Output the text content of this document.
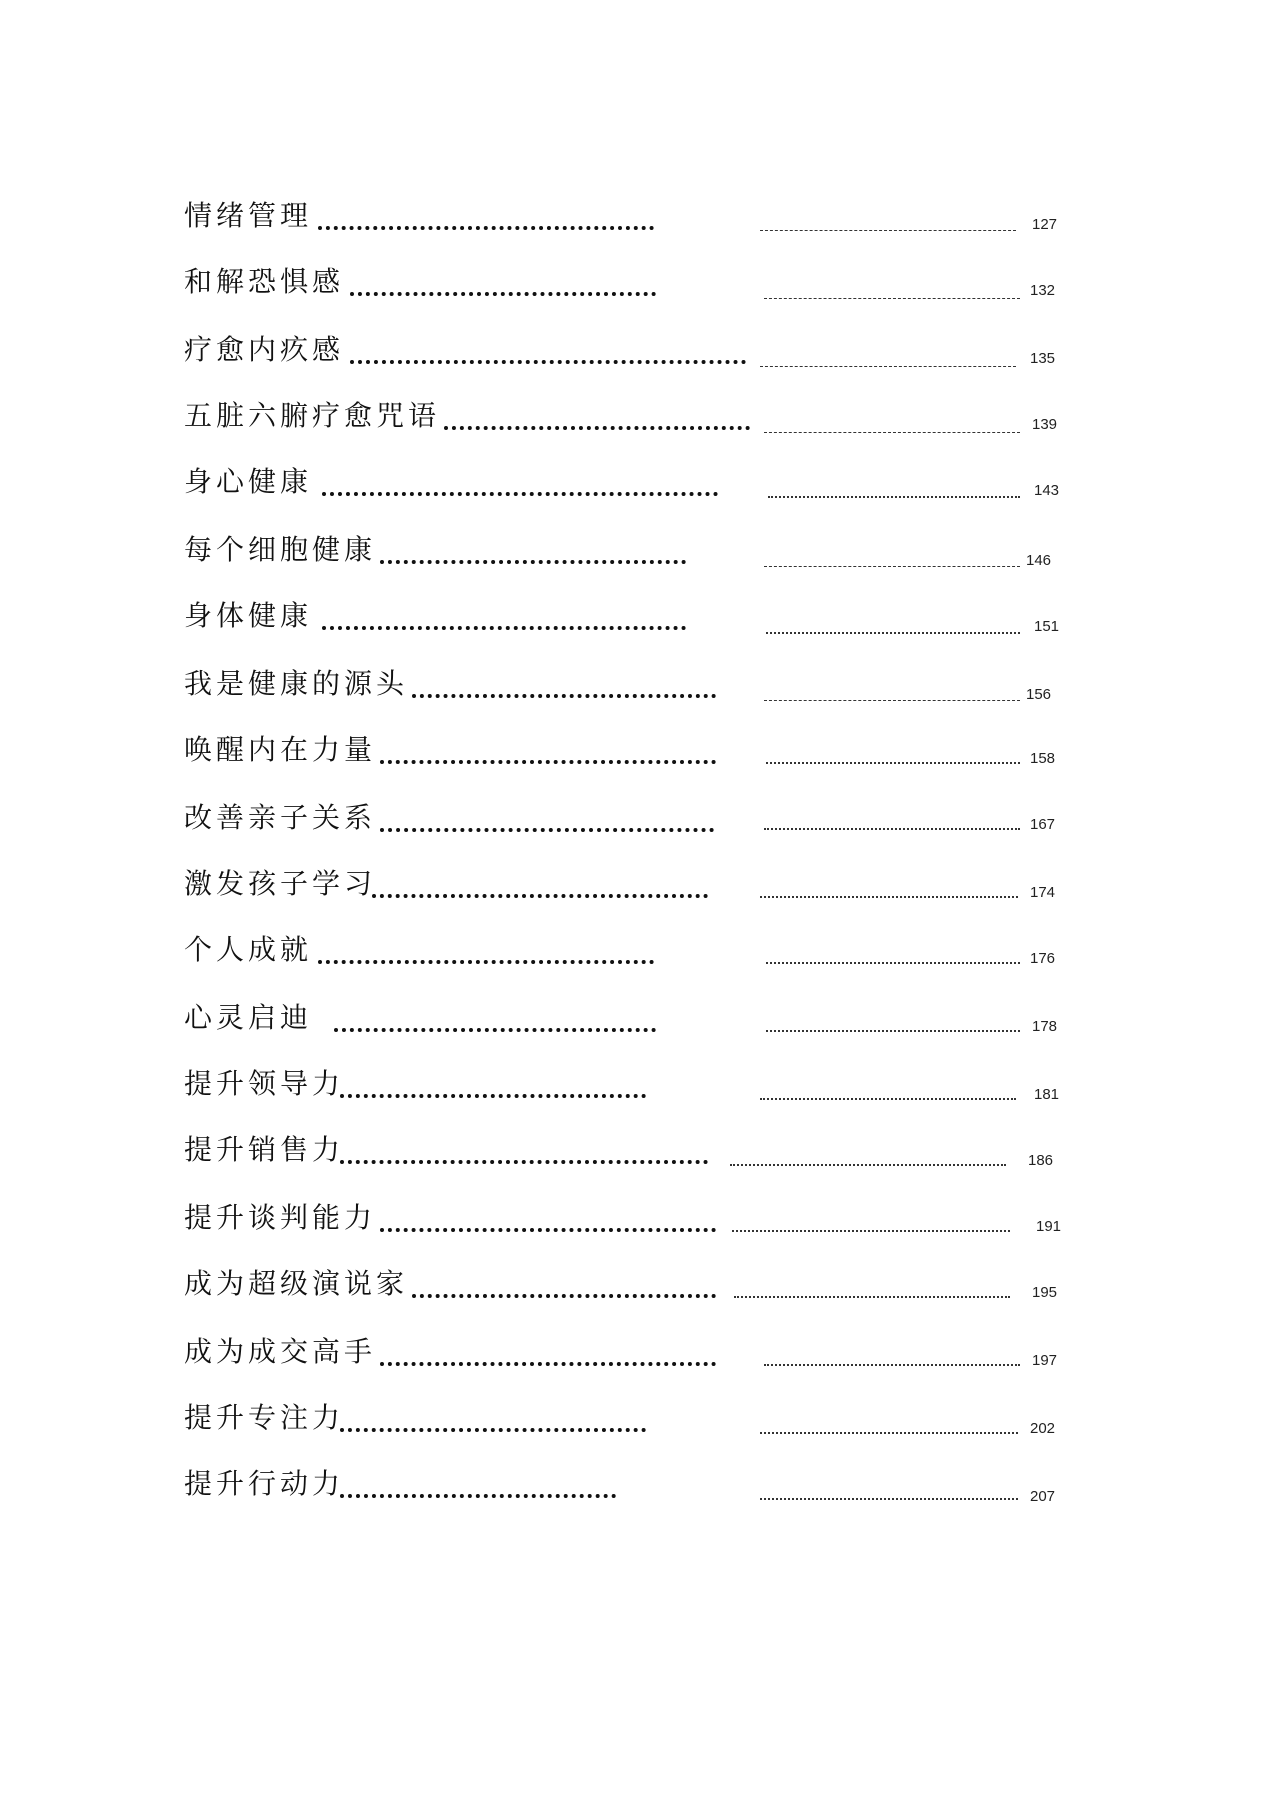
情绪管理	127
和解恐惧感	132
疗愈内疚感	135
五脏六腑疗愈咒语	139
身心健康	143
每个细胞健康	146
身体健康	151
我是健康的源头	156
唤醒内在力量	158
改善亲子关系	167
激发孩子学习	174
个人成就	176
心灵启迪	178
提升领导力	181
提升销售力	186
提升谈判能力	191
成为超级演说家	195
成为成交高手	197
提升专注力	202
提升行动力	207
